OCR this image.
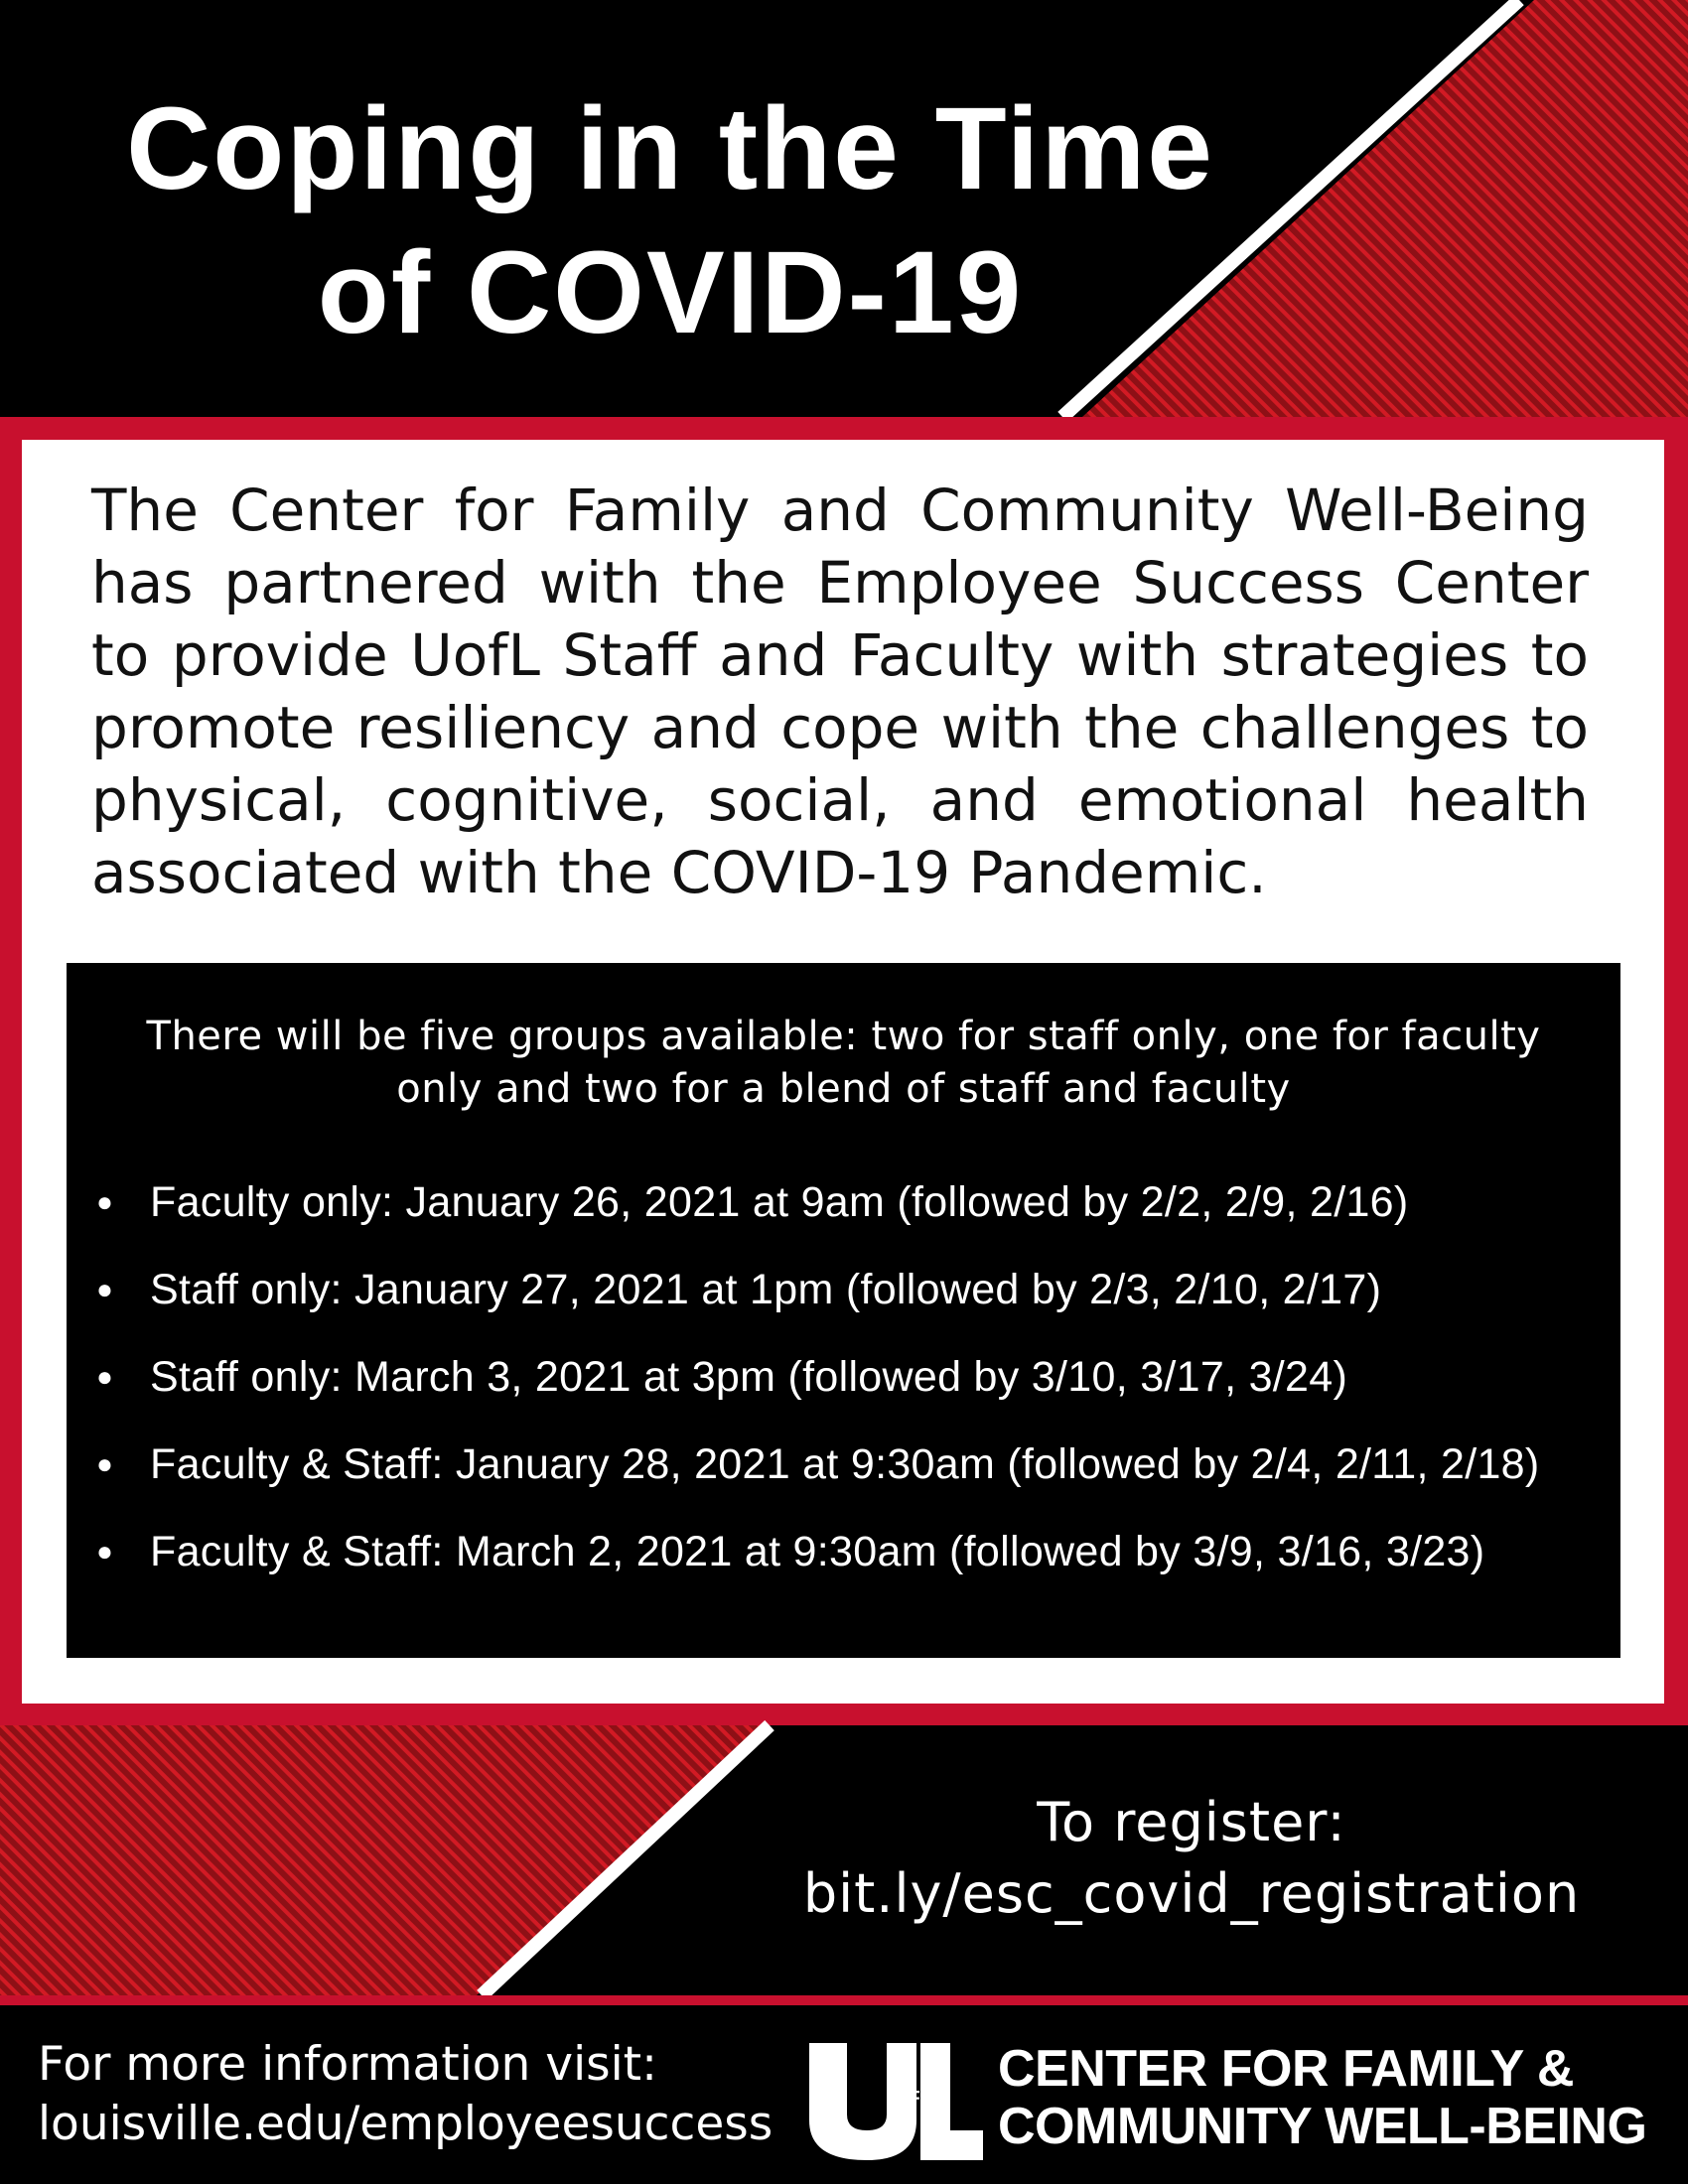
Coping in the Time
of COVID-19
The Center for Family and Community Well-Being has partnered with the Employee Success Center to provide UofL Staff and Faculty with strategies to promote resiliency and cope with the challenges to physical, cognitive, social, and emotional health associated with the COVID-19 Pandemic.
There will be five groups available: two for staff only, one for faculty only and two for a blend of staff and faculty
● Faculty only: January 26, 2021 at 9am (followed by 2/2, 2/9, 2/16)
● Staff only: January 27, 2021 at 1pm (followed by 2/3, 2/10, 2/17)
● Staff only: March 3, 2021 at 3pm (followed by 3/10, 3/17, 3/24)
● Faculty & Staff: January 28, 2021 at 9:30am (followed by 2/4, 2/11, 2/18)
● Faculty & Staff: March 2, 2021 at 9:30am (followed by 3/9, 3/16, 3/23)
To register:
bit.ly/esc_covid_registration
For more information visit:
louisville.edu/employeesuccess	OF
CENTER FOR FAMILY &
COMMUNITY WELL-BEING
